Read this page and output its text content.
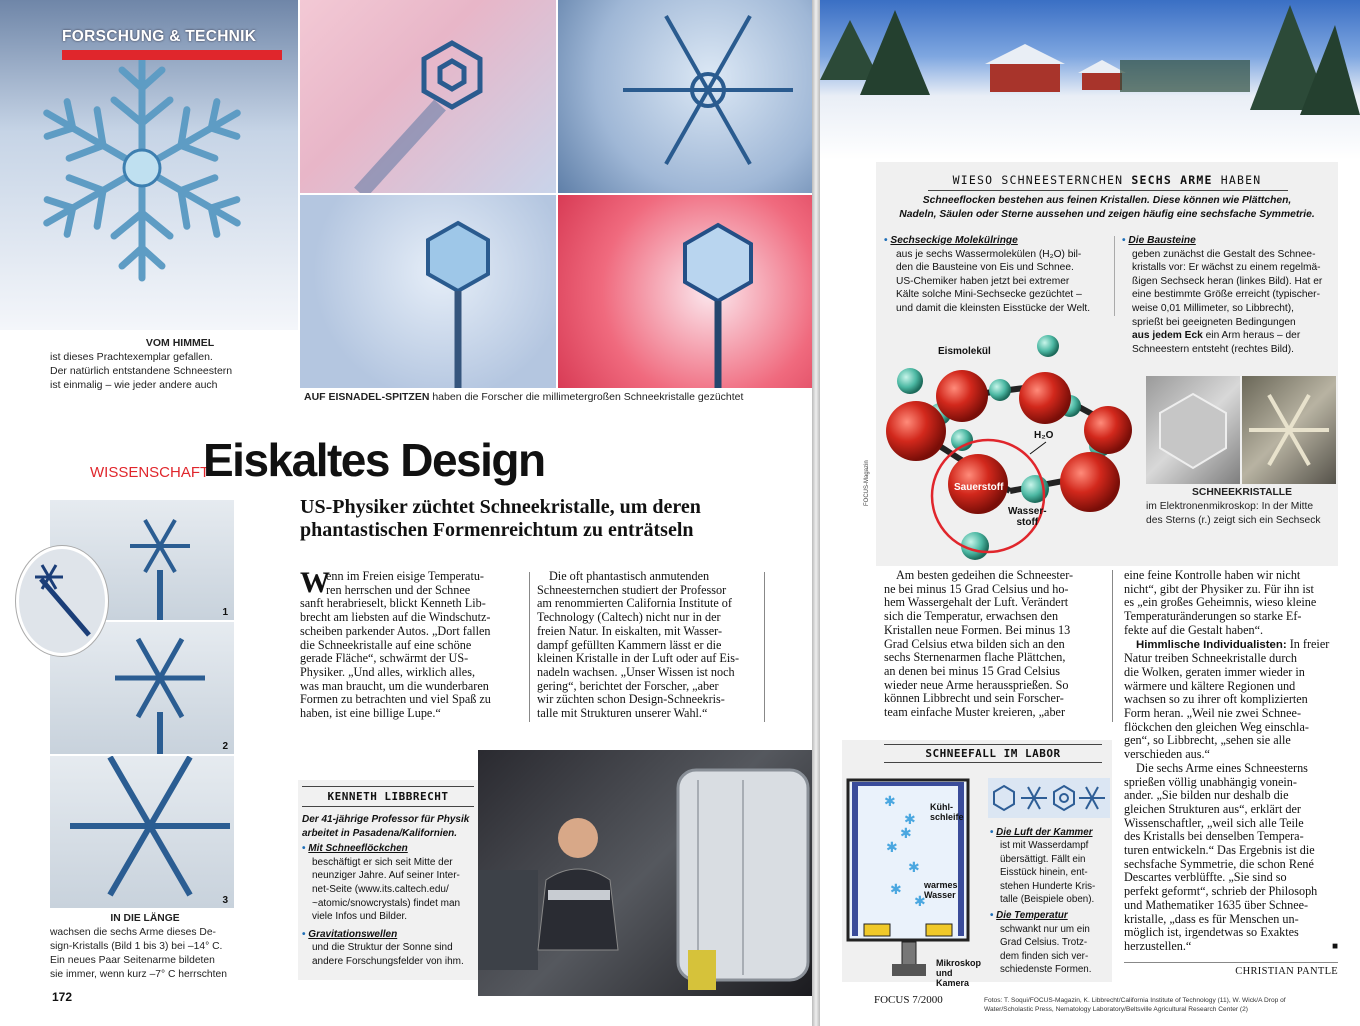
FORSCHUNG & TECHNIK
VOM HIMMEL
ist dieses Prachtexemplar gefallen.
Der natürlich entstandene Schneestern
ist einmalig – wie jeder andere auch
AUF EISNADEL-SPITZEN haben die Forscher die millimetergroßen Schneekristalle gezüchtet
WISSENSCHAFT
Eiskaltes Design
US-Physiker züchtet Schneekristalle, um deren
phantastischen Formenreichtum zu enträtseln
1
2
3
IN DIE LÄNGE
wachsen die sechs Arme dieses De-
sign-Kristalls (Bild 1 bis 3) bei –14° C.
Ein neues Paar Seitenarme bildeten
sie immer, wenn kurz –7° C herrschten
W
enn im Freien eisige Temperatu-
ren herrschen und der Schnee
sanft herabrieselt, blickt Kenneth Lib-
brecht am liebsten auf die Windschutz-
scheiben parkender Autos. „Dort fallen
die Schneekristalle auf eine schöne
gerade Fläche“, schwärmt der US-
Physiker. „Und alles, wirklich alles,
was man braucht, um die wunderbaren
Formen zu betrachten und viel Spaß zu
haben, ist eine billige Lupe.“
Die oft phantastisch anmutenden
Schneesternchen studiert der Professor
am renommierten California Institute of
Technology (Caltech) nicht nur in der
freien Natur. In eiskalten, mit Wasser-
dampf gefüllten Kammern lässt er die
kleinen Kristalle in der Luft oder auf Eis-
nadeln wachsen. „Unser Wissen ist noch
gering“, berichtet der Forscher, „aber
wir züchten schon Design-Schneekris-
talle mit Strukturen unserer Wahl.“
KENNETH LIBBRECHT
Der 41-jährige Professor für Physik
arbeitet in Pasadena/Kalifornien.
• Mit Schneeflöckchen
beschäftigt er sich seit Mitte der
neunziger Jahre. Auf seiner Inter-
net-Seite (www.its.caltech.edu/
~atomic/snowcrystals) findet man
viele Infos und Bilder.
• Gravitationswellen
und die Struktur der Sonne sind
andere Forschungsfelder von ihm.
172
WIESO SCHNEESTERNCHEN SECHS ARME HABEN
Schneeflocken bestehen aus feinen Kristallen. Diese können wie Plättchen,
Nadeln, Säulen oder Sterne aussehen und zeigen häufig eine sechsfache Symmetrie.
• Sechseckige Molekülringe
aus je sechs Wassermolekülen (H₂O) bil-
den die Bausteine von Eis und Schnee.
US-Chemiker haben jetzt bei extremer
Kälte solche Mini-Sechsecke gezüchtet –
und damit die kleinsten Eisstücke der Welt.
• Die Bausteine
geben zunächst die Gestalt des Schnee-
kristalls vor: Er wächst zu einem regelmä-
ßigen Sechseck heran (linkes Bild). Hat er
eine bestimmte Größe erreicht (typischer-
weise 0,01 Millimeter, so Libbrecht),
sprießt bei geeigneten Bedingungen
aus jedem Eck ein Arm heraus – der
Schneestern entsteht (rechtes Bild).
Eismolekül
H₂O
Sauerstoff
Wasser-
stoff
FOCUS-Magazin	SCHNEEKRISTALLE
im Elektronenmikroskop: In der Mitte
des Sterns (r.) zeigt sich ein Sechseck
Am besten gedeihen die Schneester-
ne bei minus 15 Grad Celsius und ho-
hem Wassergehalt der Luft. Verändert
sich die Temperatur, erwachsen den
Kristallen neue Formen. Bei minus 13
Grad Celsius etwa bilden sich an den
sechs Sternenarmen flache Plättchen,
an denen bei minus 15 Grad Celsius
wieder neue Arme heraussprießen. So
können Libbrecht und sein Forscher-
team einfache Muster kreieren, „aber
eine feine Kontrolle haben wir nicht
nicht“, gibt der Physiker zu. Für ihn ist
es „ein großes Geheimnis, wieso kleine
Temperaturänderungen so starke Ef-
fekte auf die Gestalt haben“.
Himmlische Individualisten: In freier
Natur treiben Schneekristalle durch
die Wolken, geraten immer wieder in
wärmere und kältere Regionen und
wachsen so zu ihrer oft komplizierten
Form heran. „Weil nie zwei Schnee-
flöckchen den gleichen Weg einschla-
gen“, so Libbrecht, „sehen sie alle
verschieden aus.“
Die sechs Arme eines Schneesterns
sprießen völlig unabhängig vonein-
ander. „Sie bilden nur deshalb die
gleichen Strukturen aus“, erklärt der
Wissenschaftler, „weil sich alle Teile
des Kristalls bei denselben Tempera-
turen entwickeln.“ Das Ergebnis ist die
sechsfache Symmetrie, die schon René
Descartes verblüffte. „Sie sind so
perfekt geformt“, schrieb der Philosoph
und Mathematiker 1635 über Schnee-
kristalle, „dass es für Menschen un-
möglich ist, irgendetwas so Exaktes
herzustellen.“	■
CHRISTIAN PANTLE
SCHNEEFALL IM LABOR
✱
✱
✱
✱
✱
✱
✱
Kühl-
schleife
warmes
Wasser
Mikroskop
und Kamera
• Die Luft der Kammer
ist mit Wasserdampf
übersättigt. Fällt ein
Eisstück hinein, ent-
stehen Hunderte Kris-
talle (Beispiele oben).
• Die Temperatur
schwankt nur um ein
Grad Celsius. Trotz-
dem finden sich ver-
schiedenste Formen.
FOCUS 7/2000	Fotos: T. Soqui/FOCUS-Magazin, K. Libbrecht/California Institute of Technology (11), W. Wick/A Drop of
Water/Scholastic Press, Nematology Laboratory/Beltsville Agricultural Research Center (2)
